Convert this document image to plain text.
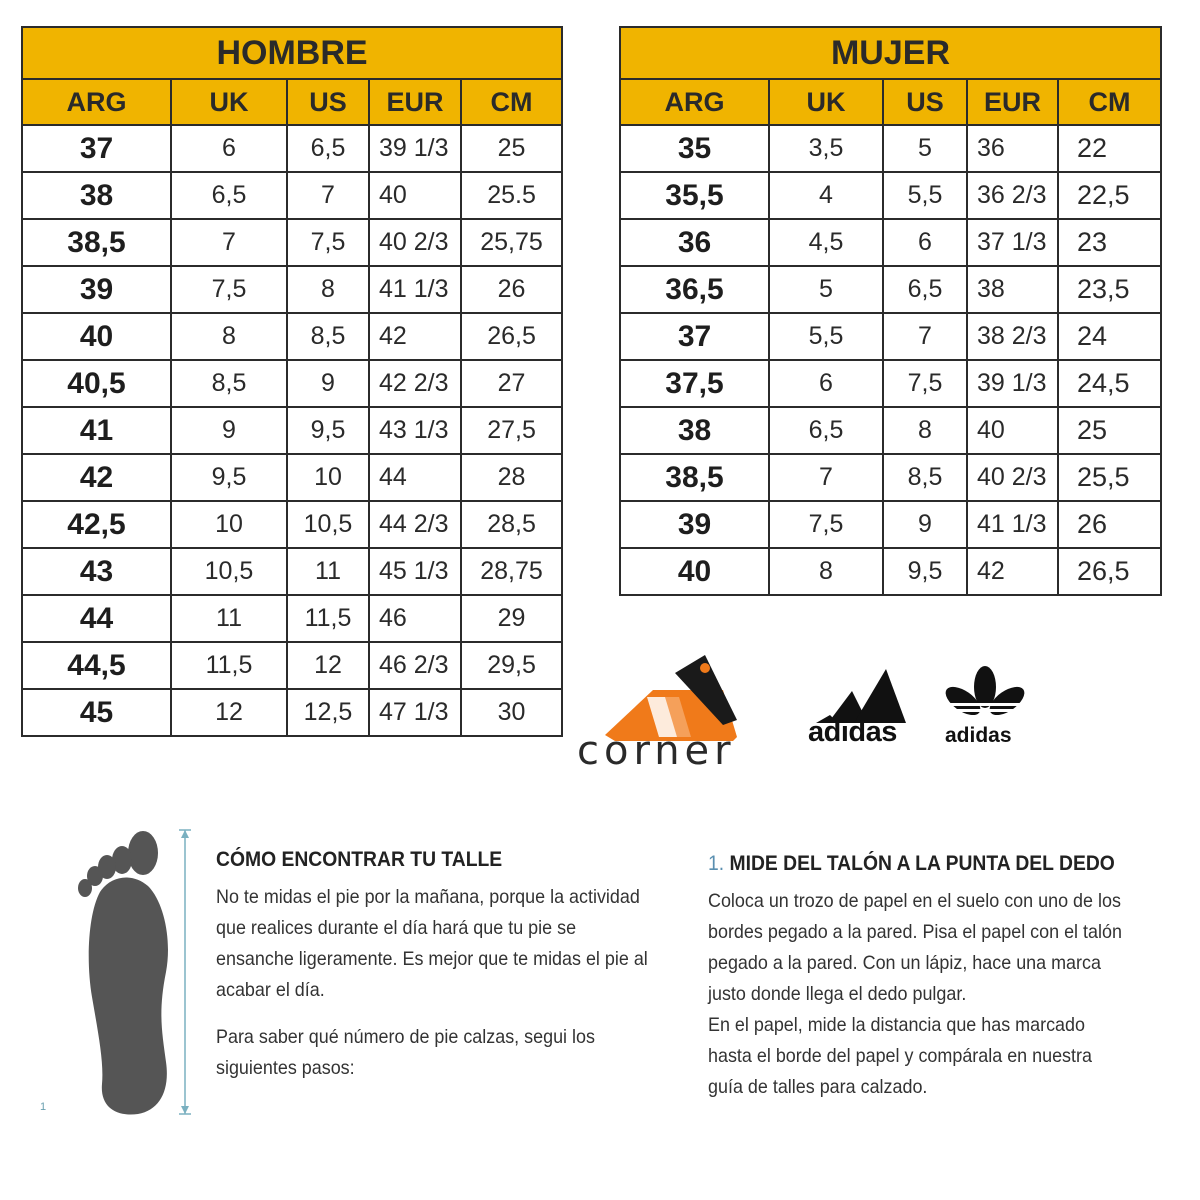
HOMBRE				
ARG	UK	US	EUR	CM
37	6	6,5	39 1/3	25
38	6,5	7	40	25.5
38,5	7	7,5	40 2/3	25,75
39	7,5	8	41 1/3	26
40	8	8,5	42	26,5
40,5	8,5	9	42 2/3	27
41	9	9,5	43 1/3	27,5
42	9,5	10	44	28
42,5	10	10,5	44 2/3	28,5
43	10,5	11	45 1/3	28,75
44	11	11,5	46	29
44,5	11,5	12	46 2/3	29,5
45	12	12,5	47 1/3	30
MUJER				
ARG	UK	US	EUR	CM
35	3,5	5	36	22
35,5	4	5,5	36 2/3	22,5
36	4,5	6	37 1/3	23
36,5	5	6,5	38	23,5
37	5,5	7	38 2/3	24
37,5	6	7,5	39 1/3	24,5
38	6,5	8	40	25
38,5	7	8,5	40 2/3	25,5
39	7,5	9	41 1/3	26
40	8	9,5	42	26,5
corner adidas adidas
1
CÓMO ENCONTRAR TU TALLE

No te midas el pie por la mañana, porque la actividad que realices durante el día hará que tu pie se ensanche ligeramente. Es mejor que te midas el pie al acabar el día.

Para saber qué número de pie calzas, segui los siguientes pasos:

1. MIDE DEL TALÓN A LA PUNTA DEL DEDO

Coloca un trozo de papel en el suelo con uno de los bordes pegado a la pared. Pisa el papel con el talón pegado a la pared. Con un lápiz, hace una marca justo donde llega el dedo pulgar.

En el papel, mide la distancia que has marcado hasta el borde del papel y compárala en nuestra guía de talles para calzado.
